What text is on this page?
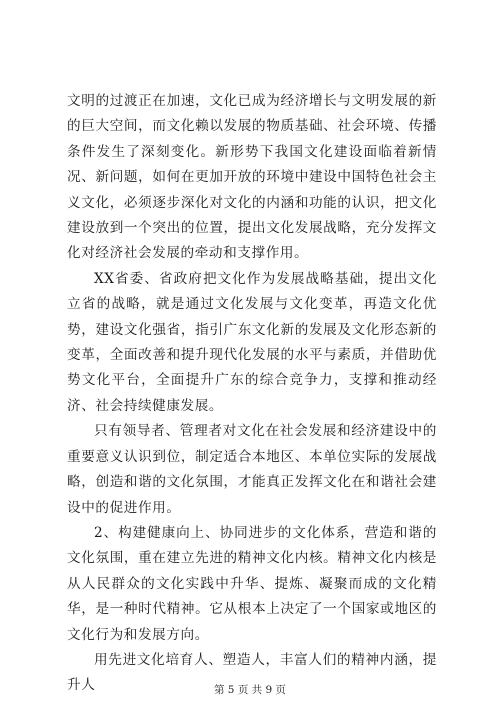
文明的过渡正在加速，文化已成为经济增长与文明发展的新的巨大空间，而文化赖以发展的物质基础、社会环境、传播条件发生了深刻变化。新形势下我国文化建设面临着新情况、新问题，如何在更加开放的环境中建设中国特色社会主义文化，必须逐步深化对文化的内涵和功能的认识，把文化建设放到一个突出的位置，提出文化发展战略，充分发挥文化对经济社会发展的牵动和支撑作用。

XX省委、省政府把文化作为发展战略基础，提出文化立省的战略，就是通过文化发展与文化变革，再造文化优势，建设文化强省，指引广东文化新的发展及文化形态新的变革，全面改善和提升现代化发展的水平与素质，并借助优势文化平台，全面提升广东的综合竞争力，支撑和推动经济、社会持续健康发展。

只有领导者、管理者对文化在社会发展和经济建设中的重要意义认识到位，制定适合本地区、本单位实际的发展战略，创造和谐的文化氛围，才能真正发挥文化在和谐社会建设中的促进作用。

2、构建健康向上、协同进步的文化体系，营造和谐的文化氛围，重在建立先进的精神文化内核。精神文化内核是从人民群众的文化实践中升华、提炼、凝聚而成的文化精华，是一种时代精神。它从根本上决定了一个国家或地区的文化行为和发展方向。

用先进文化培育人、塑造人，丰富人们的精神内涵，提升人	第 5 页 共 9 页
